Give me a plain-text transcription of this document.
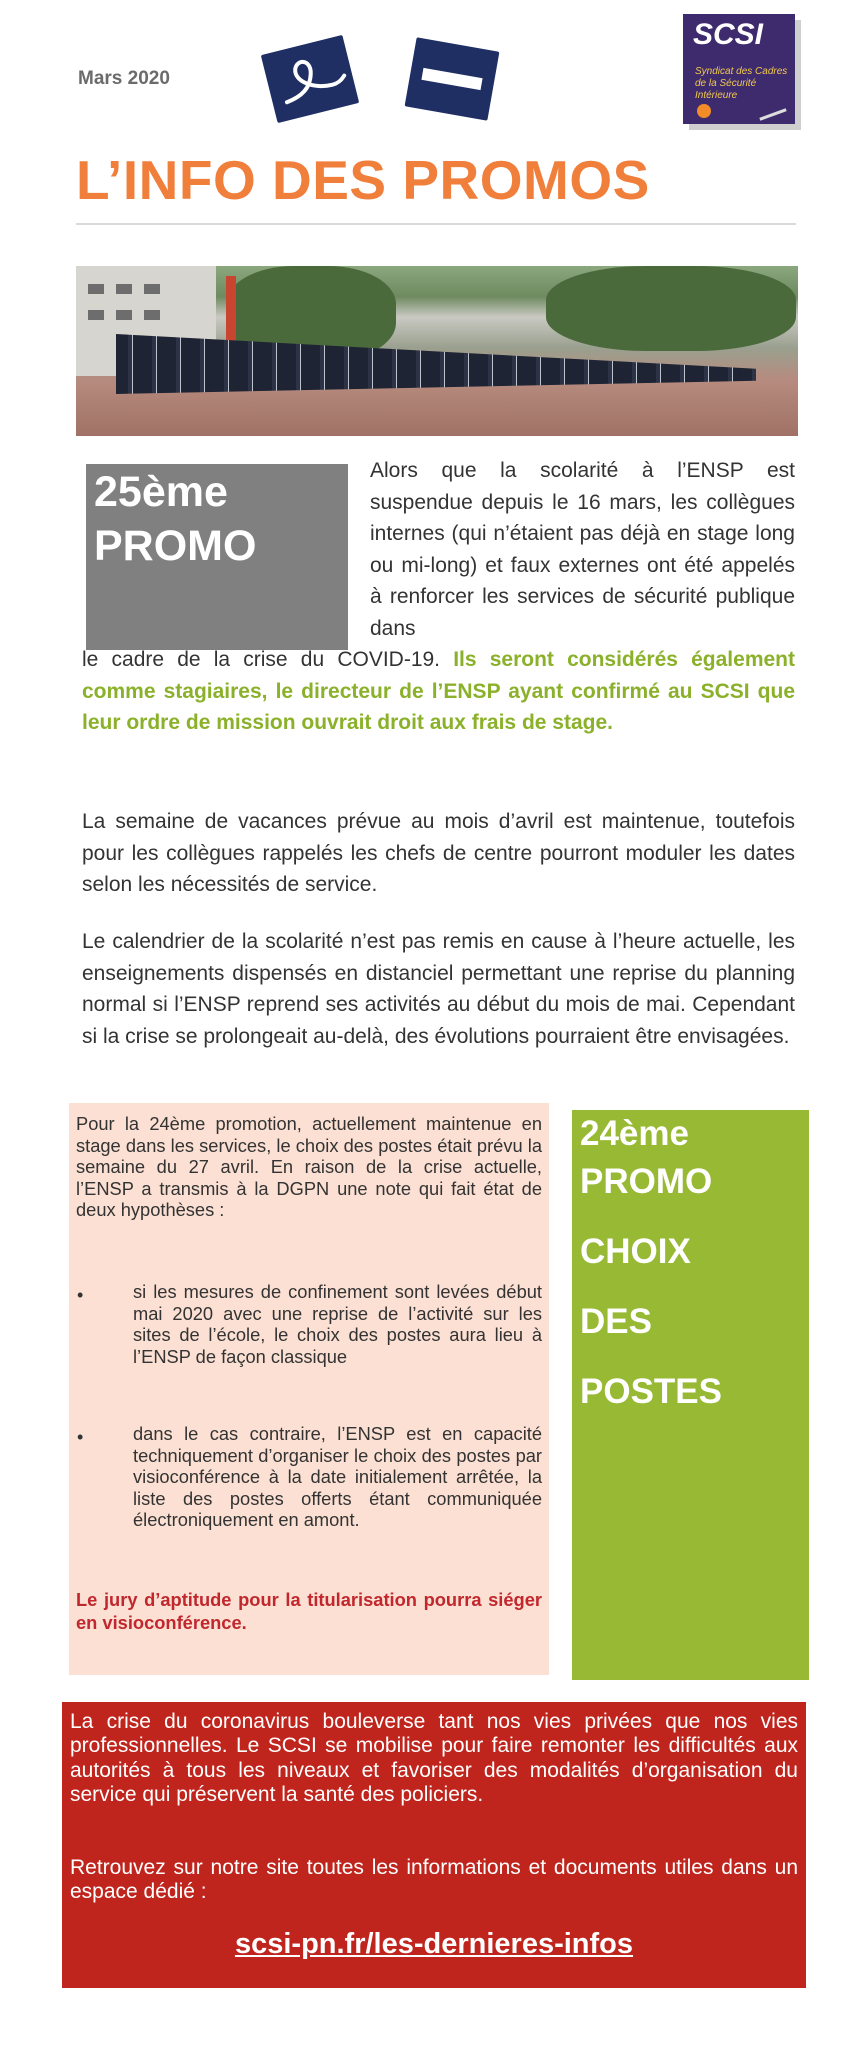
Mars 2020
SCSI
Syndicat des Cadres de la Sécurité Intérieure
L’INFO DES PROMOS
25ème
PROMO
Alors que la scolarité à l’ENSP est suspendue depuis le 16 mars, les collègues internes (qui n’étaient pas déjà en stage long ou mi-long) et faux externes ont été appelés à renforcer les services de sécurité publique dans
le cadre de la crise du COVID-19. Ils seront considérés également comme stagiaires, le directeur de l’ENSP ayant confirmé au SCSI que leur ordre de mission ouvrait droit aux frais de stage.
La semaine de vacances prévue au mois d’avril est maintenue, toutefois pour les collègues rappelés les chefs de centre pourront moduler les dates selon les nécessités de service.
Le calendrier de la scolarité n’est pas remis en cause à l’heure actuelle, les enseignements dispensés en distanciel permettant une reprise du planning normal si l’ENSP reprend ses activités au début du mois de mai. Cependant si la crise se prolongeait au-delà, des évolutions pourraient être envisagées.
Pour la 24ème promotion, actuellement maintenue en stage dans les services, le choix des postes était prévu la semaine du 27 avril. En raison de la crise actuelle, l’ENSP a transmis à la DGPN une note qui fait état de deux hypothèses :
•	si les mesures de confinement sont levées début mai 2020 avec une reprise de l’activité sur les sites de l’école, le choix des postes aura lieu à l’ENSP de façon classique
•	dans le cas contraire, l’ENSP est en capacité techniquement d’organiser le choix des postes par visioconférence à la date initialement arrêtée, la liste des postes offerts étant communiquée électroniquement en amont.
Le jury d’aptitude pour la titularisation pourra siéger en visioconférence.
24ème
PROMO
CHOIX
DES
POSTES
La crise du coronavirus bouleverse tant nos vies privées que nos vies professionnelles. Le SCSI se mobilise pour faire remonter les difficultés aux autorités à tous les niveaux et favoriser des modalités d’organisation du service qui préservent la santé des policiers.
Retrouvez sur notre site toutes les informations et documents utiles dans un espace dédié :
scsi-pn.fr/les-dernieres-infos
